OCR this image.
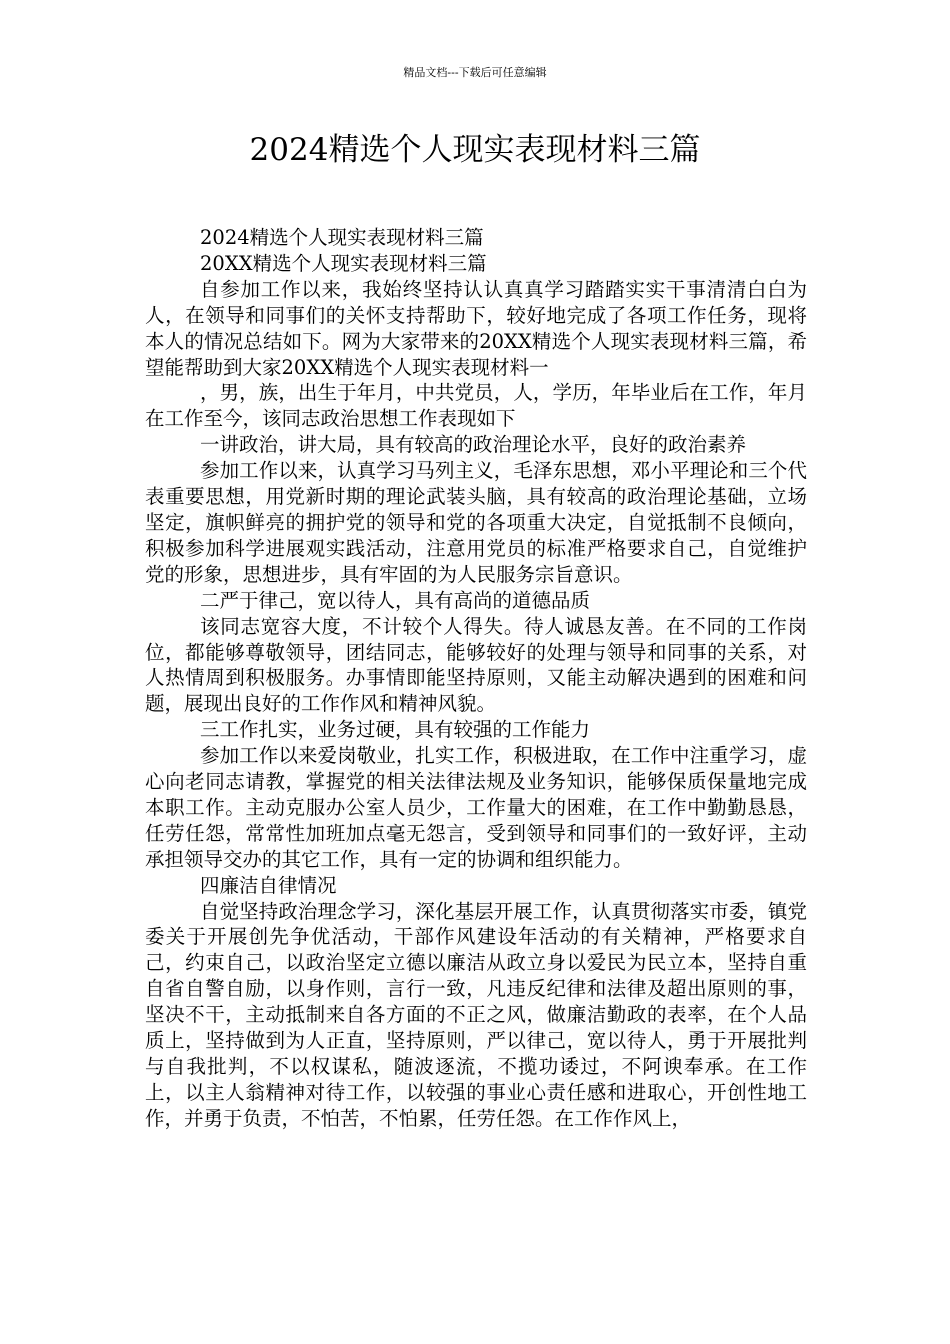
精品文档---下载后可任意编辑
2024精选个人现实表现材料三篇

2024精选个人现实表现材料三篇

20XX精选个人现实表现材料三篇

自参加工作以来，我始终坚持认认真真学习踏踏实实干事清清白白为人，在领导和同事们的关怀支持帮助下，较好地完成了各项工作任务，现将本人的情况总结如下。网为大家带来的20XX精选个人现实表现材料三篇，希望能帮助到大家20XX精选个人现实表现材料一

，男，族，出生于年月，中共党员，人，学历，年毕业后在工作，年月在工作至今，该同志政治思想工作表现如下

一讲政治，讲大局，具有较高的政治理论水平，良好的政治素养

参加工作以来，认真学习马列主义，毛泽东思想，邓小平理论和三个代表重要思想，用党新时期的理论武装头脑，具有较高的政治理论基础，立场坚定，旗帜鲜亮的拥护党的领导和党的各项重大决定，自觉抵制不良倾向，积极参加科学进展观实践活动，注意用党员的标准严格要求自己，自觉维护党的形象，思想进步，具有牢固的为人民服务宗旨意识。

二严于律己，宽以待人，具有高尚的道德品质

该同志宽容大度，不计较个人得失。待人诚恳友善。在不同的工作岗位，都能够尊敬领导，团结同志，能够较好的处理与领导和同事的关系，对人热情周到积极服务。办事情即能坚持原则，又能主动解决遇到的困难和问题，展现出良好的工作作风和精神风貌。

三工作扎实，业务过硬，具有较强的工作能力

参加工作以来爱岗敬业，扎实工作，积极进取，在工作中注重学习，虚心向老同志请教，掌握党的相关法律法规及业务知识，能够保质保量地完成本职工作。主动克服办公室人员少，工作量大的困难，在工作中勤勤恳恳，任劳任怨，常常性加班加点毫无怨言，受到领导和同事们的一致好评，主动承担领导交办的其它工作，具有一定的协调和组织能力。

四廉洁自律情况

自觉坚持政治理念学习，深化基层开展工作，认真贯彻落实市委，镇党委关于开展创先争优活动，干部作风建设年活动的有关精神，严格要求自己，约束自己，以政治坚定立德以廉洁从政立身以爱民为民立本，坚持自重自省自警自励，以身作则，言行一致，凡违反纪律和法律及超出原则的事，坚决不干，主动抵制来自各方面的不正之风，做廉洁勤政的表率，在个人品质上，坚持做到为人正直，坚持原则，严以律己，宽以待人，勇于开展批判与自我批判，不以权谋私，随波逐流，不揽功诿过，不阿谀奉承。在工作上，以主人翁精神对待工作，以较强的事业心责任感和进取心，开创性地工作，并勇于负责，不怕苦，不怕累，任劳任怨。在工作作风上，
